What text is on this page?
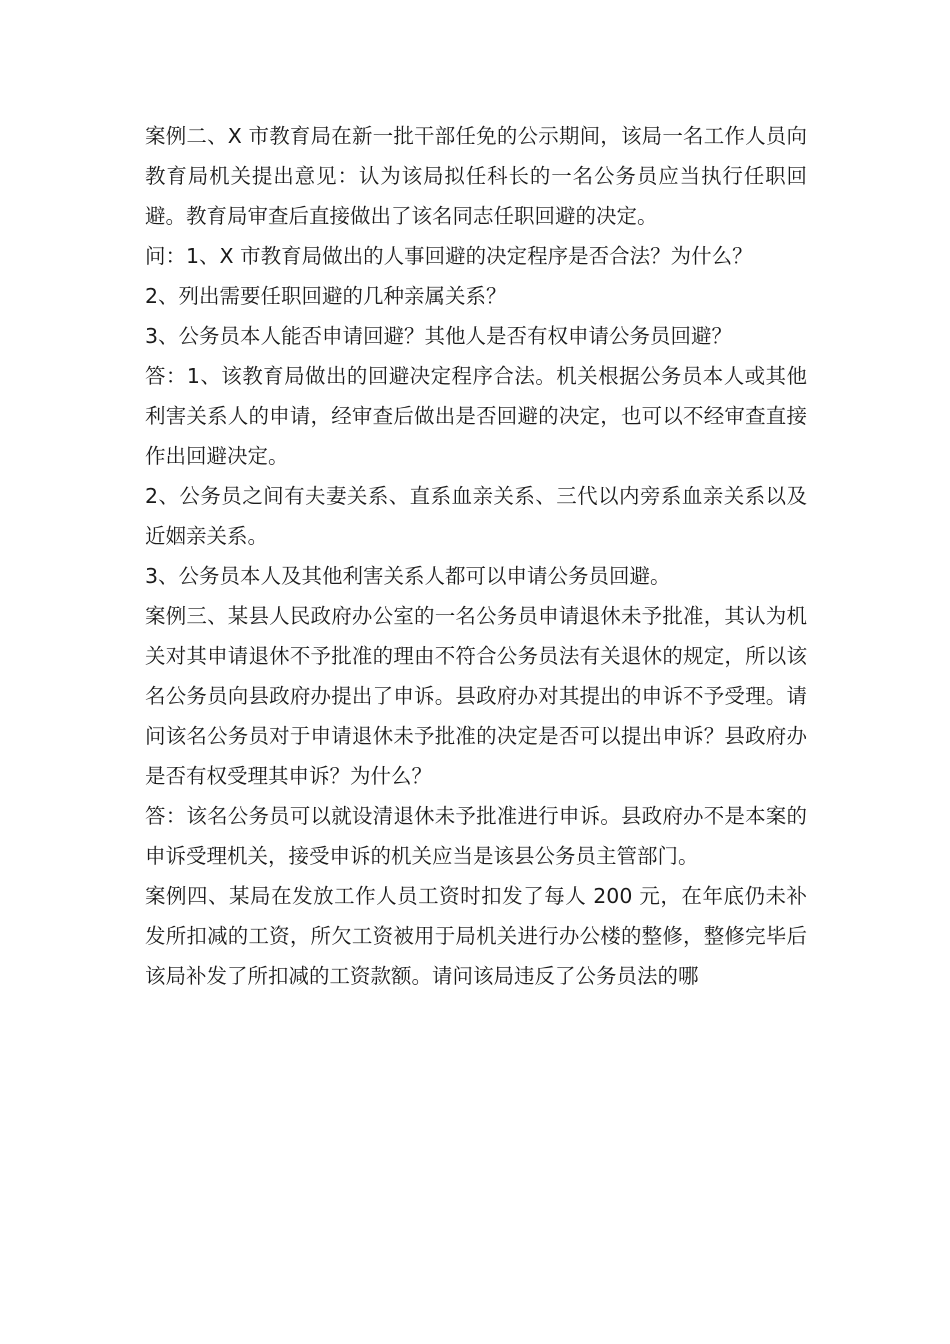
案例二、X 市教育局在新一批干部任免的公示期间，该局一名工作人员向教育局机关提出意见：认为该局拟任科长的一名公务员应当执行任职回避。教育局审查后直接做出了该名同志任职回避的决定。

问：1、X 市教育局做出的人事回避的决定程序是否合法？为什么？

2、列出需要任职回避的几种亲属关系？

3、公务员本人能否申请回避？其他人是否有权申请公务员回避？

答：1、该教育局做出的回避决定程序合法。机关根据公务员本人或其他利害关系人的申请，经审查后做出是否回避的决定，也可以不经审查直接作出回避决定。

2、公务员之间有夫妻关系、直系血亲关系、三代以内旁系血亲关系以及近姻亲关系。

3、公务员本人及其他利害关系人都可以申请公务员回避。

案例三、某县人民政府办公室的一名公务员申请退休未予批准，其认为机关对其申请退休不予批准的理由不符合公务员法有关退休的规定，所以该名公务员向县政府办提出了申诉。县政府办对其提出的申诉不予受理。请问该名公务员对于申请退休未予批准的决定是否可以提出申诉？县政府办是否有权受理其申诉？为什么？

答：该名公务员可以就设清退休未予批准进行申诉。县政府办不是本案的申诉受理机关，接受申诉的机关应当是该县公务员主管部门。

案例四、某局在发放工作人员工资时扣发了每人 200 元，在年底仍未补发所扣减的工资，所欠工资被用于局机关进行办公楼的整修，整修完毕后该局补发了所扣减的工资款额。请问该局违反了公务员法的哪
